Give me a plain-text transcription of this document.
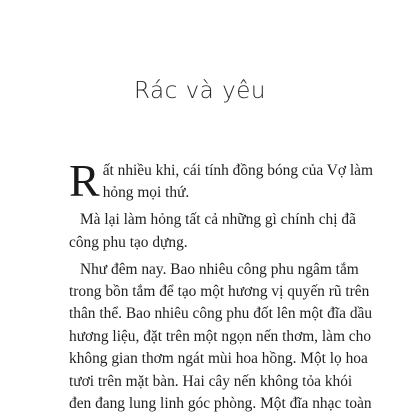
Rác và yêu

R ất nhiều khi, cái tính đồng bóng của Vợ làm
hỏng mọi thứ.

Mà lại làm hỏng tất cả những gì chính chị đã
công phu tạo dựng.

Như đêm nay. Bao nhiêu công phu ngâm tắm
trong bồn tắm để tạo một hương vị quyến rũ trên
thân thể. Bao nhiêu công phu đốt lên một đĩa dầu
hương liệu, đặt trên một ngọn nến thơm, làm cho
không gian thơm ngát mùi hoa hồng. Một lọ hoa
tươi trên mặt bàn. Hai cây nến không tỏa khói
đen đang lung linh góc phòng. Một đĩa nhạc toàn
